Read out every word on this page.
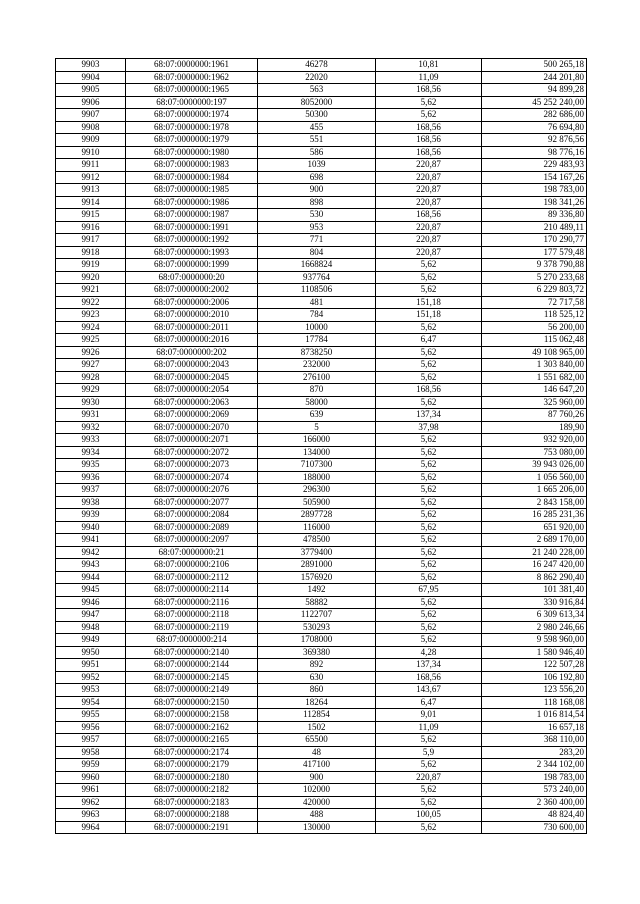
9903	68:07:0000000:1961	46278	10,81	500 265,18
9904	68:07:0000000:1962	22020	11,09	244 201,80
9905	68:07:0000000:1965	563	168,56	94 899,28
9906	68:07:0000000:197	8052000	5,62	45 252 240,00
9907	68:07:0000000:1974	50300	5,62	282 686,00
9908	68:07:0000000:1978	455	168,56	76 694,80
9909	68:07:0000000:1979	551	168,56	92 876,56
9910	68:07:0000000:1980	586	168,56	98 776,16
9911	68:07:0000000:1983	1039	220,87	229 483,93
9912	68:07:0000000:1984	698	220,87	154 167,26
9913	68:07:0000000:1985	900	220,87	198 783,00
9914	68:07:0000000:1986	898	220,87	198 341,26
9915	68:07:0000000:1987	530	168,56	89 336,80
9916	68:07:0000000:1991	953	220,87	210 489,11
9917	68:07:0000000:1992	771	220,87	170 290,77
9918	68:07:0000000:1993	804	220,87	177 579,48
9919	68:07:0000000:1999	1668824	5,62	9 378 790,88
9920	68:07:0000000:20	937764	5,62	5 270 233,68
9921	68:07:0000000:2002	1108506	5,62	6 229 803,72
9922	68:07:0000000:2006	481	151,18	72 717,58
9923	68:07:0000000:2010	784	151,18	118 525,12
9924	68:07:0000000:2011	10000	5,62	56 200,00
9925	68:07:0000000:2016	17784	6,47	115 062,48
9926	68:07:0000000:202	8738250	5,62	49 108 965,00
9927	68:07:0000000:2043	232000	5,62	1 303 840,00
9928	68:07:0000000:2045	276100	5,62	1 551 682,00
9929	68:07:0000000:2054	870	168,56	146 647,20
9930	68:07:0000000:2063	58000	5,62	325 960,00
9931	68:07:0000000:2069	639	137,34	87 760,26
9932	68:07:0000000:2070	5	37,98	189,90
9933	68:07:0000000:2071	166000	5,62	932 920,00
9934	68:07:0000000:2072	134000	5,62	753 080,00
9935	68:07:0000000:2073	7107300	5,62	39 943 026,00
9936	68:07:0000000:2074	188000	5,62	1 056 560,00
9937	68:07:0000000:2076	296300	5,62	1 665 206,00
9938	68:07:0000000:2077	505900	5,62	2 843 158,00
9939	68:07:0000000:2084	2897728	5,62	16 285 231,36
9940	68:07:0000000:2089	116000	5,62	651 920,00
9941	68:07:0000000:2097	478500	5,62	2 689 170,00
9942	68:07:0000000:21	3779400	5,62	21 240 228,00
9943	68:07:0000000:2106	2891000	5,62	16 247 420,00
9944	68:07:0000000:2112	1576920	5,62	8 862 290,40
9945	68:07:0000000:2114	1492	67,95	101 381,40
9946	68:07:0000000:2116	58882	5,62	330 916,84
9947	68:07:0000000:2118	1122707	5,62	6 309 613,34
9948	68:07:0000000:2119	530293	5,62	2 980 246,66
9949	68:07:0000000:214	1708000	5,62	9 598 960,00
9950	68:07:0000000:2140	369380	4,28	1 580 946,40
9951	68:07:0000000:2144	892	137,34	122 507,28
9952	68:07:0000000:2145	630	168,56	106 192,80
9953	68:07:0000000:2149	860	143,67	123 556,20
9954	68:07:0000000:2150	18264	6,47	118 168,08
9955	68:07:0000000:2158	112854	9,01	1 016 814,54
9956	68:07:0000000:2162	1502	11,09	16 657,18
9957	68:07:0000000:2165	65500	5,62	368 110,00
9958	68:07:0000000:2174	48	5,9	283,20
9959	68:07:0000000:2179	417100	5,62	2 344 102,00
9960	68:07:0000000:2180	900	220,87	198 783,00
9961	68:07:0000000:2182	102000	5,62	573 240,00
9962	68:07:0000000:2183	420000	5,62	2 360 400,00
9963	68:07:0000000:2188	488	100,05	48 824,40
9964	68:07:0000000:2191	130000	5,62	730 600,00
